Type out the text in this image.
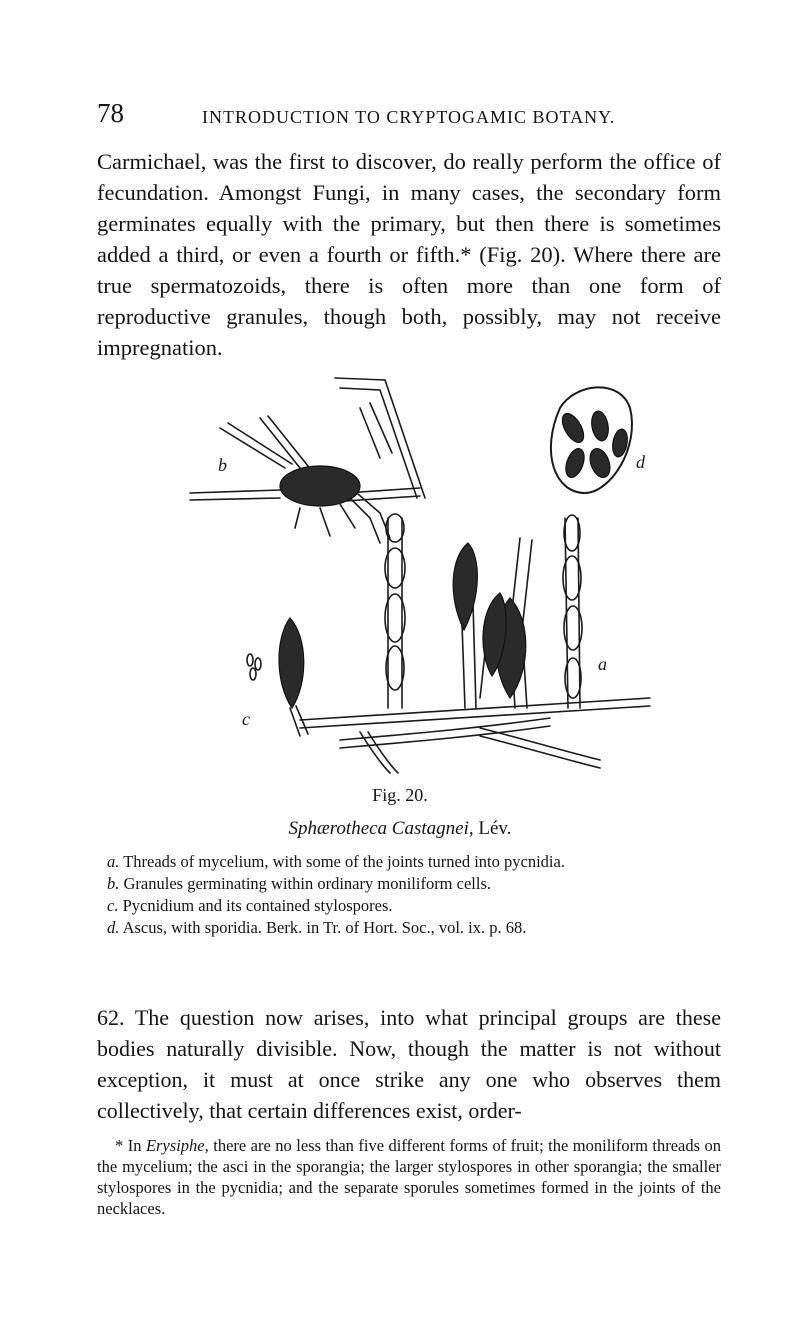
78	INTRODUCTION TO CRYPTOGAMIC BOTANY.

Carmichael, was the first to discover, do really perform the office of fecundation. Amongst Fungi, in many cases, the secondary form germinates equally with the primary, but then there is sometimes added a third, or even a fourth or fifth.* (Fig. 20). Where there are true spermatozoids, there is often more than one form of reproductive granules, though both, possibly, may not receive impregnation.

b
c
d
a
Fig. 20.
Sphærotheca Castagnei, Lév.
a. Threads of mycelium, with some of the joints turned into pycnidia.
b. Granules germinating within ordinary moniliform cells.
c. Pycnidium and its contained stylospores.
d. Ascus, with sporidia. Berk. in Tr. of Hort. Soc., vol. ix. p. 68.

62. The question now arises, into what principal groups are these bodies naturally divisible. Now, though the matter is not without exception, it must at once strike any one who observes them collectively, that certain differences exist, order-

* In Erysiphe, there are no less than five different forms of fruit; the moniliform threads on the mycelium; the asci in the sporangia; the larger stylospores in other sporangia; the smaller stylospores in the pycnidia; and the separate sporules sometimes formed in the joints of the necklaces.
